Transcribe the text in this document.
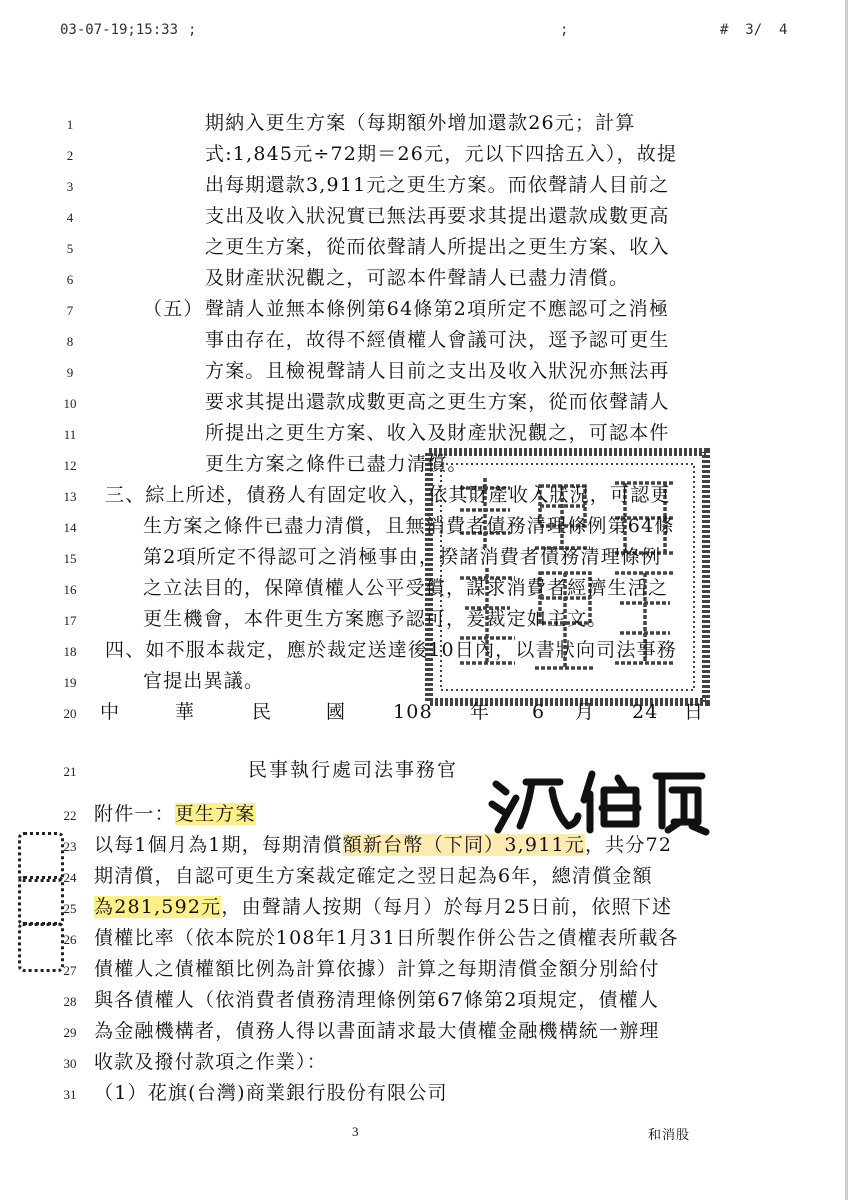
03-07-19;15:33 ;	;	#  3/  4
1	期納入更生方案（每期額外增加還款26元；計算
2	式:1,845元÷72期＝26元，元以下四捨五入），故提
3	出每期還款3,911元之更生方案。而依聲請人目前之
4	支出及收入狀況實已無法再要求其提出還款成數更高
5	之更生方案，從而依聲請人所提出之更生方案、收入
6	及財產狀況觀之，可認本件聲請人已盡力清償。
7	（五） 聲請人並無本條例第64條第2項所定不應認可之消極
8	事由存在，故得不經債權人會議可決，逕予認可更生
9	方案。且檢視聲請人目前之支出及收入狀況亦無法再
10	要求其提出還款成數更高之更生方案，從而依聲請人
11	所提出之更生方案、收入及財產狀況觀之，可認本件
12	更生方案之條件已盡力清償。
13	三、綜上所述，債務人有固定收入，依其財產收入狀況，可認更
14	生方案之條件已盡力清償，且無消費者債務清理條例第64條
15	第2項所定不得認可之消極事由，揆諸消費者債務清理條例
16	之立法目的，保障債權人公平受償，謀求消費者經濟生活之
17	更生機會，本件更生方案應予認可，爰裁定如主文。
18	四、如不服本裁定，應於裁定送達後10日內，以書狀向司法事務
19	官提出異議。
20	中	華	民	國 108 年 6 月 24 日
21	民事執行處司法事務官
22 附件一：更生方案
23 以每1個月為1期，每期清償額新台幣（下同）3,911元，共分72
24 期清償，自認可更生方案裁定確定之翌日起為6年，總清償金額
25 為281,592元，由聲請人按期（每月）於每月25日前，依照下述
26 債權比率（依本院於108年1月31日所製作併公告之債權表所載各
27 債權人之債權額比例為計算依據）計算之每期清償金額分別給付
28 與各債權人（依消費者債務清理條例第67條第2項規定，債權人
29 為金融機構者，債務人得以書面請求最大債權金融機構統一辦理
30 收款及撥付款項之作業）：
31 （1）花旗(台灣)商業銀行股份有限公司
3	和消股
